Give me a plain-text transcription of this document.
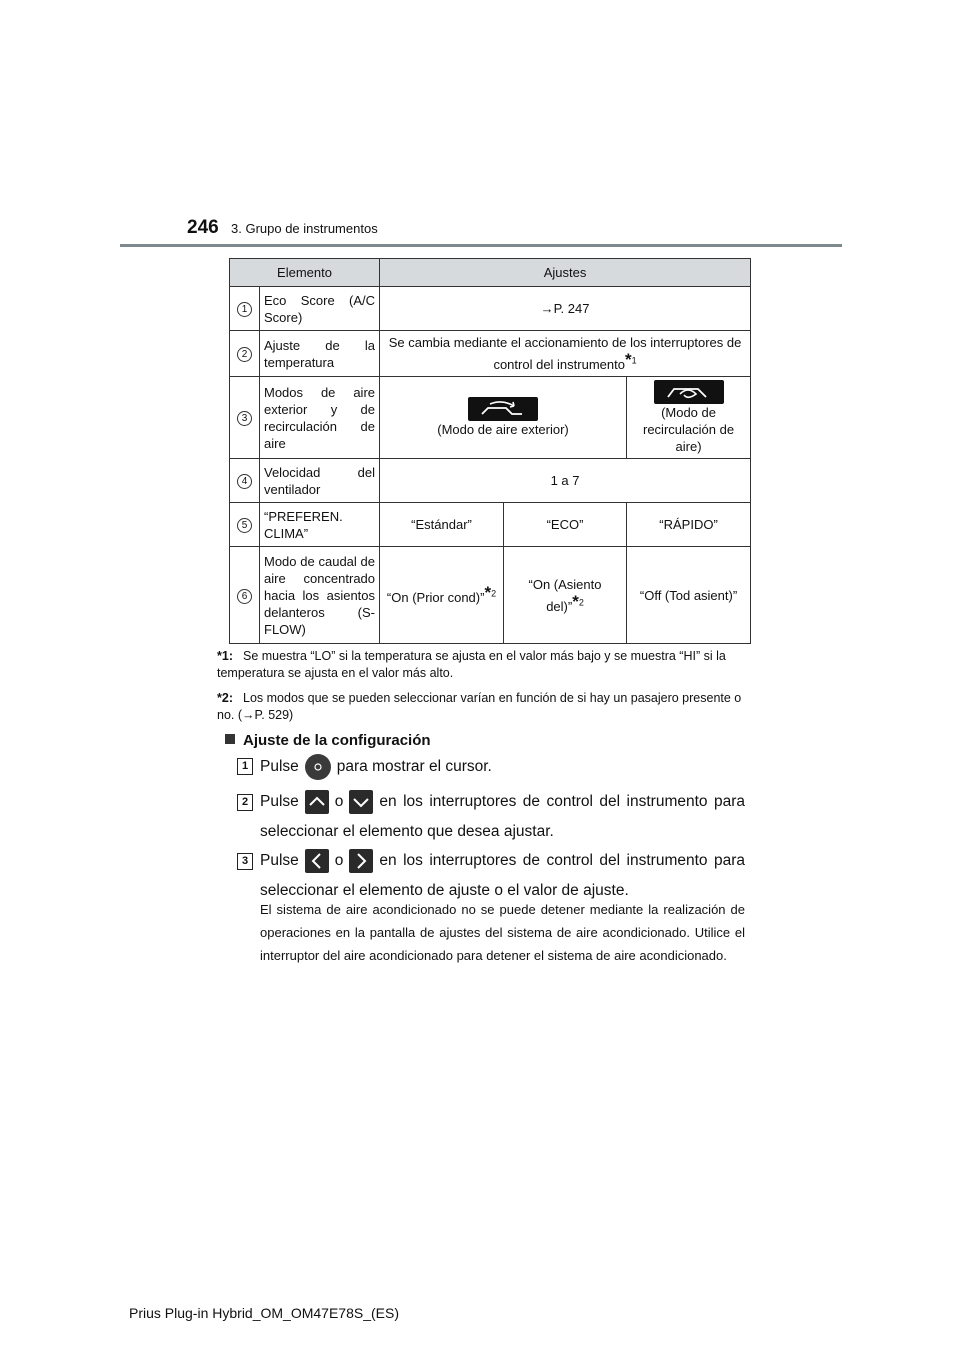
246 3. Grupo de instrumentos
Elemento		Ajustes		
1	Eco Score (A/C Score)	→P. 247		
2	Ajuste de la temperatura	Se cambia mediante el accionamiento de los interruptores de control del instrumento*$^1$
3	Modos de aire exterior y de recirculación de aire	(Modo de aire exterior)		(Modo de recirculación de aire)

4	Velocidad del ventilador	1 a 7		
5	“PREFEREN. CLIMA”	“Estándar”	“ECO”	“RÁPIDO”
6	Modo de caudal de aire concentrado hacia los asientos delanteros (S-FLOW)	“On (Prior cond)”*$^2$	“On (Asiento del)”*$^2$	“Off (Tod asient)”
*1: Se muestra “LO” si la temperatura se ajusta en el valor más bajo y se muestra “HI” si la temperatura se ajusta en el valor más alto.
*2: Los modos que se pueden seleccionar varían en función de si hay un pasajero presente o no. (→P. 529)
Ajuste de la configuración
1 Pulse para mostrar el cursor.
2 Pulse o en los interruptores de control del instrumento para seleccionar el elemento que desea ajustar.
3 Pulse o en los interruptores de control del instrumento para seleccionar el elemento de ajuste o el valor de ajuste.
El sistema de aire acondicionado no se puede detener mediante la realización de operaciones en la pantalla de ajustes del sistema de aire acondicionado. Utilice el interruptor del aire acondicionado para detener el sistema de aire acondicionado.
Prius Plug-in Hybrid_OM_OM47E78S_(ES)
